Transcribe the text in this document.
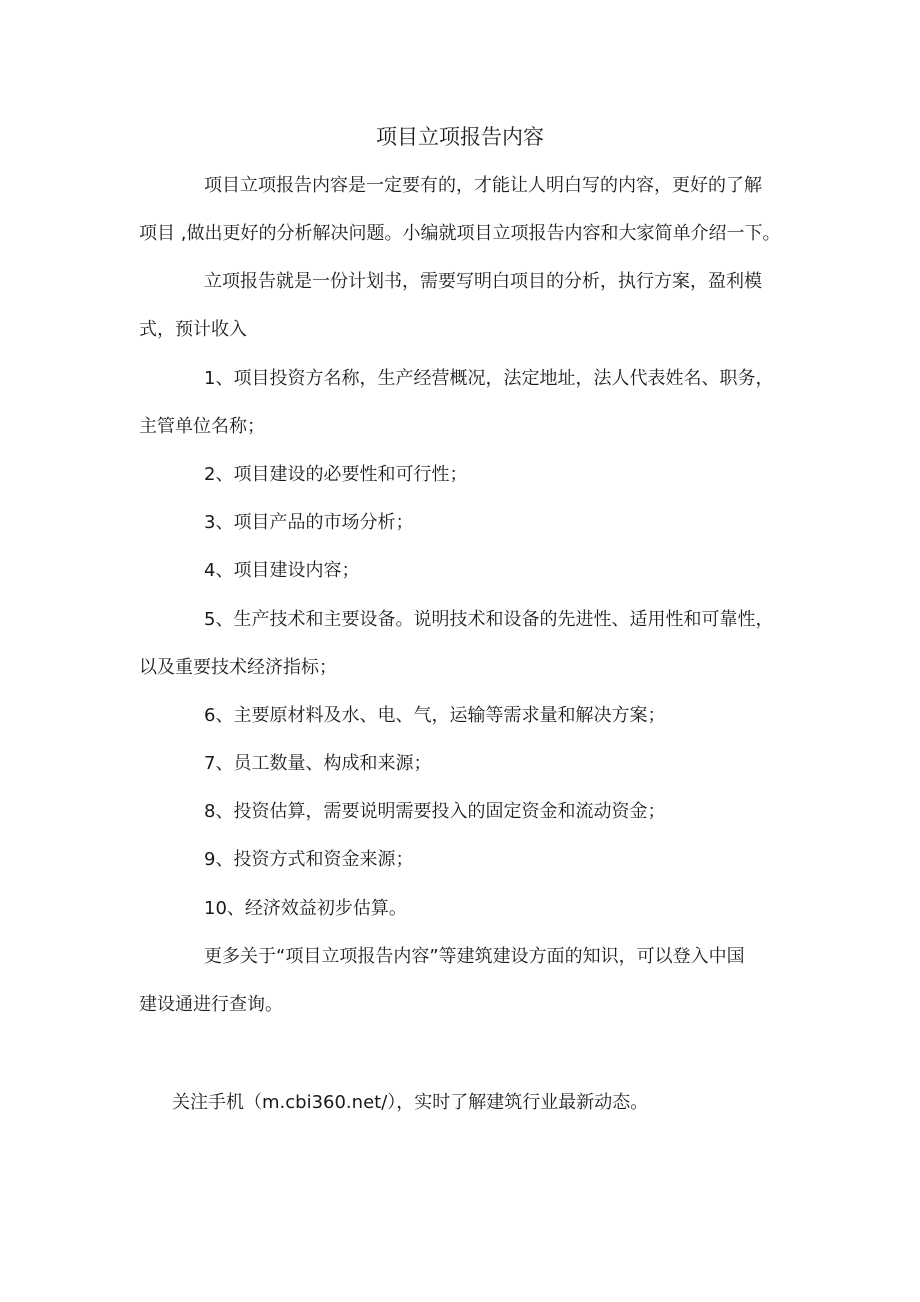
项目立项报告内容
项目立项报告内容是一定要有的，才能让人明白写的内容，更好的了解
项目 ,做出更好的分析解决问题。小编就项目立项报告内容和大家简单介绍一下。
立项报告就是一份计划书，需要写明白项目的分析，执行方案，盈利模
式，预计收入
1、项目投资方名称，生产经营概况，法定地址，法人代表姓名、职务，
主管单位名称；
2、项目建设的必要性和可行性；
3、项目产品的市场分析；
4、项目建设内容；
5、生产技术和主要设备。说明技术和设备的先进性、适用性和可靠性，
以及重要技术经济指标；
6、主要原材料及水、电、气，运输等需求量和解决方案；
7、员工数量、构成和来源；
8、投资估算，需要说明需要投入的固定资金和流动资金；
9、投资方式和资金来源；
10、经济效益初步估算。
更多关于“项目立项报告内容”等建筑建设方面的知识，可以登入中国
建设通进行查询。
关注手机（m.cbi360.net/），实时了解建筑行业最新动态。
